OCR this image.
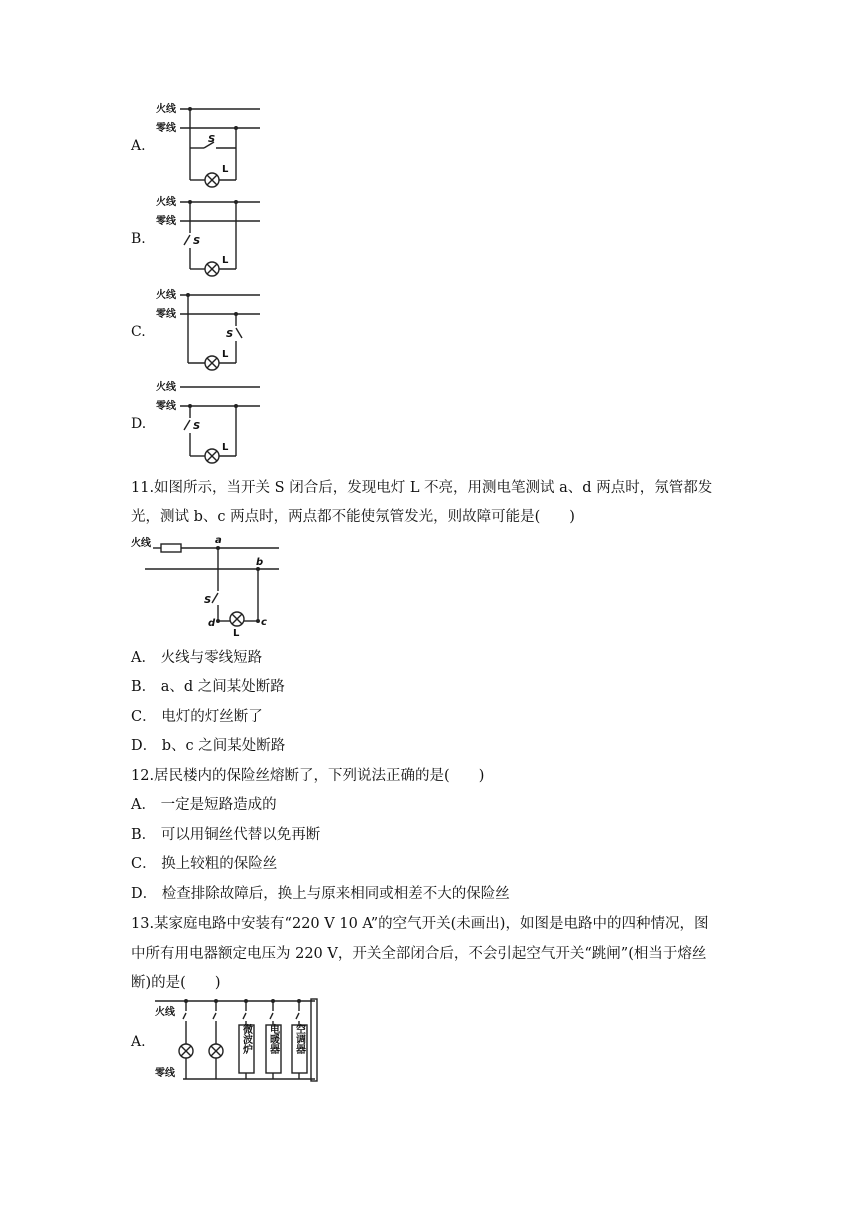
A.
火线
零线
S
L
B.
火线
零线
S
L
C.
火线
零线
S
L
D.
火线
零线
S
L
11.如图所示，当开关 S 闭合后，发现电灯 L 不亮，用测电笔测试 a、d 两点时，氖管都发
光，测试 b、c 两点时，两点都不能使氖管发光，则故障可能是(　　)
火线	a
b
S
d
L
c
A． 火线与零线短路
B． a、d 之间某处断路
C． 电灯的灯丝断了
D． b、c 之间某处断路
12.居民楼内的保险丝熔断了，下列说法正确的是(　　)
A． 一定是短路造成的
B． 可以用铜丝代替以免再断
C． 换上较粗的保险丝
D． 检查排除故障后，换上与原来相同或相差不大的保险丝
13.某家庭电路中安装有“220 V 10 A”的空气开关(未画出)，如图是电路中的四种情况，图
中所有用电器额定电压为 220 V，开关全部闭合后，不会引起空气开关“跳闸”(相当于熔丝
断)的是(　　)
A.
火线
零线
微波炉 电暖器 空调器
